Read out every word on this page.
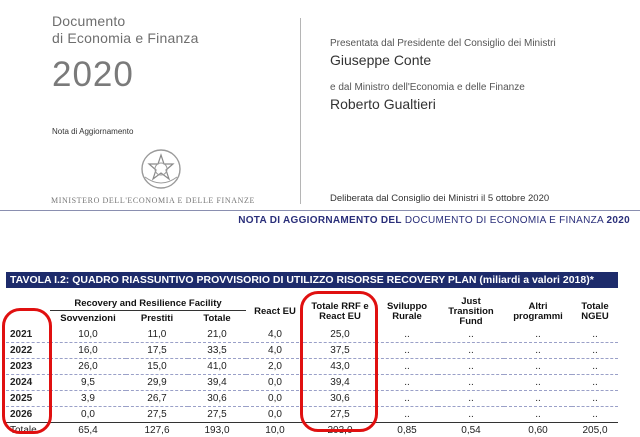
Documento
di Economia e Finanza
2020
Nota di Aggiornamento
MINISTERO DELL'ECONOMIA E DELLE FINANZE
Presentata dal Presidente del Consiglio dei Ministri
Giuseppe Conte
e dal Ministro dell'Economia e delle Finanze
Roberto Gualtieri
Deliberata dal Consiglio dei Ministri il 5 ottobre 2020
NOTA DI AGGIORNAMENTO DEL DOCUMENTO DI ECONOMIA E FINANZA 2020
TAVOLA I.2: QUADRO RIASSUNTIVO PROVVISORIO DI UTILIZZO RISORSE RECOVERY PLAN (miliardi a valori 2018)*
	Recovery and Resilience Facility			React EU	Totale RRF e React EU	Sviluppo Rurale	Just Transition Fund	Altri programmi	Totale NGEU
	Sovvenzioni	Prestiti	Totale						
2021	10,0	11,0	21,0	4,0	25,0	..	..	..	..
2022	16,0	17,5	33,5	4,0	37,5	..	..	..	..
2023	26,0	15,0	41,0	2,0	43,0	..	..	..	..
2024	9,5	29,9	39,4	0,0	39,4	..	..	..	..
2025	3,9	26,7	30,6	0,0	30,6	..	..	..	..
2026	0,0	27,5	27,5	0,0	27,5	..	..	..	..
Totale	65,4	127,6	193,0	10,0	203,0	0,85	0,54	0,60	205,0
